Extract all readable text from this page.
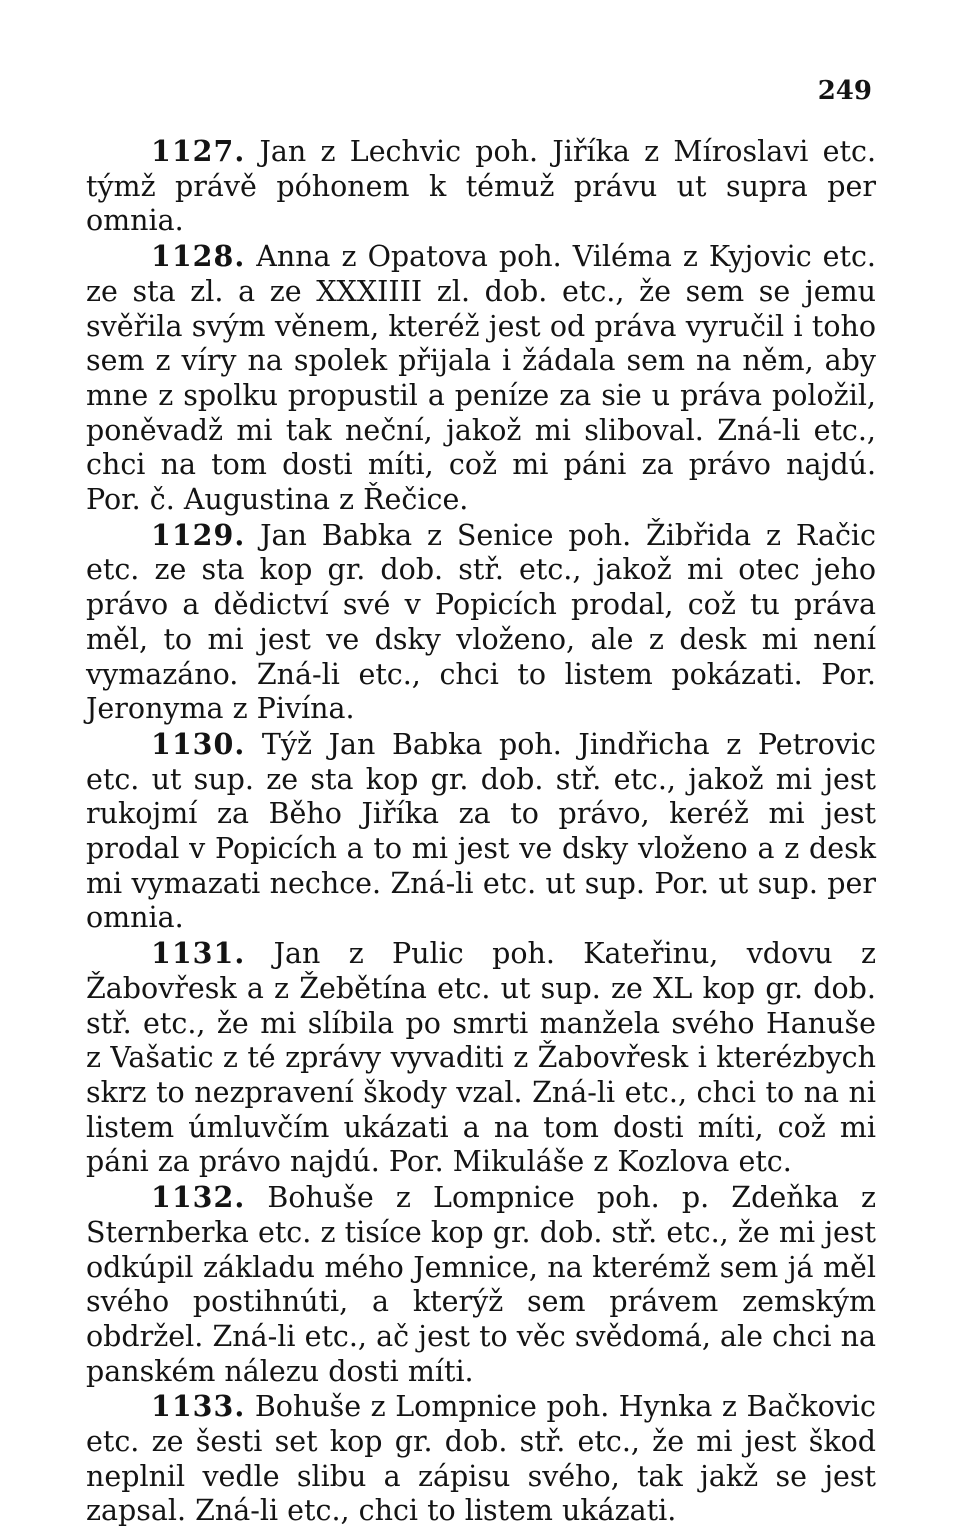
249

1127. Jan z Lechvic poh. Jiříka z Míroslavi etc. týmž právě póhonem k témuž právu ut supra per omnia.

1128. Anna z Opatova poh. Viléma z Kyjovic etc. ze sta zl. a ze XXXIIII zl. dob. etc., že sem se jemu svěřila svým věnem, kteréž jest od práva vyručil i toho sem z víry na spolek přijala i žádala sem na něm, aby mne z spolku propustil a peníze za sie u práva položil, poněvadž mi tak neční, jakož mi sliboval. Zná-li etc., chci na tom dosti míti, což mi páni za právo najdú. Por. č. Augustina z Řečice.

1129. Jan Babka z Senice poh. Žibřida z Račic etc. ze sta kop gr. dob. stř. etc., jakož mi otec jeho právo a dědictví své v Popicích prodal, což tu práva měl, to mi jest ve dsky vloženo, ale z desk mi není vymazáno. Zná-li etc., chci to listem pokázati. Por. Jeronyma z Pivína.

1130. Týž Jan Babka poh. Jindřicha z Petrovic etc. ut sup. ze sta kop gr. dob. stř. etc., jakož mi jest rukojmí za Běho Jiříka za to právo, keréž mi jest prodal v Popicích a to mi jest ve dsky vloženo a z desk mi vymazati nechce. Zná-li etc. ut sup. Por. ut sup. per omnia.

1131. Jan z Pulic poh. Kateřinu, vdovu z Žabovřesk a z Žebětína etc. ut sup. ze XL kop gr. dob. stř. etc., že mi slíbila po smrti manžela svého Hanuše z Vašatic z té zprávy vyvaditi z Žabovřesk i kterézbych skrz to nezpravení škody vzal. Zná-li etc., chci to na ni listem úmluvčím ukázati a na tom dosti míti, což mi páni za právo najdú. Por. Mikuláše z Kozlova etc.

1132. Bohuše z Lompnice poh. p. Zdeňka z Sternberka etc. z tisíce kop gr. dob. stř. etc., že mi jest odkúpil základu mého Jemnice, na kterémž sem já měl svého postihnúti, a kterýž sem právem zemským obdržel. Zná-li etc., ač jest to věc svědomá, ale chci na panském nálezu dosti míti.

1133. Bohuše z Lompnice poh. Hynka z Bačkovic etc. ze šesti set kop gr. dob. stř. etc., že mi jest škod neplnil vedle slibu a zápisu svého, tak jakž se jest zapsal. Zná-li etc., chci to listem ukázati.
